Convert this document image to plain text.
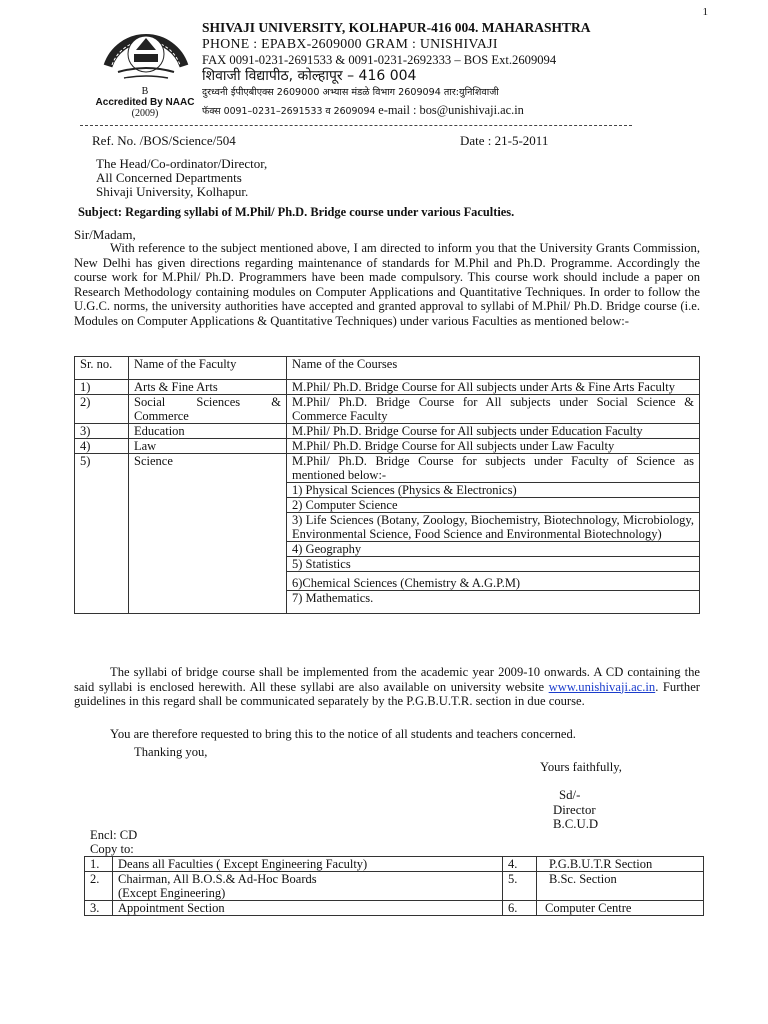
1
B
Accredited By NAAC
(2009)
SHIVAJI UNIVERSITY, KOLHAPUR-416 004. MAHARASHTRA
PHONE : EPABX-2609000 GRAM : UNISHIVAJI
FAX 0091-0231-2691533 & 0091-0231-2692333 – BOS Ext.2609094
शिवाजी विद्यापीठ, कोल्हापूर – 416 004
दुरध्वनी ईपीएबीएक्स 2609000 अभ्यास मंडळे विभाग 2609094 तार:युनिशिवाजी
फॅक्स 0091–0231–2691533 व 2609094 e-mail : bos@unishivaji.ac.in
Ref. No. /BOS/Science/504	Date : 21-5-2011
The Head/Co-ordinator/Director,
All Concerned Departments
Shivaji University, Kolhapur.
Subject: Regarding syllabi of M.Phil/ Ph.D. Bridge course under various Faculties.
Sir/Madam,
With reference to the subject mentioned above, I am directed to inform you that the University Grants Commission, New Delhi has given directions regarding maintenance of standards for M.Phil and Ph.D. Programme. Accordingly the course work for M.Phil/ Ph.D. Programmers have been made compulsory. This course work should include a paper on Research Methodology containing modules on Computer Applications and Quantitative Techniques. In order to follow the U.G.C. norms, the university authorities have accepted and granted approval to syllabi of M.Phil/ Ph.D. Bridge course (i.e. Modules on Computer Applications & Quantitative Techniques) under various Faculties as mentioned below:-
Sr. no.	Name of the Faculty	Name of the Courses
1)	Arts & Fine Arts	M.Phil/ Ph.D. Bridge Course for All subjects under Arts & Fine Arts Faculty
2)	Social Sciences & Commerce	M.Phil/ Ph.D. Bridge Course for All subjects under Social Science & Commerce Faculty
3)	Education	M.Phil/ Ph.D. Bridge Course for All subjects under Education Faculty
4)	Law	M.Phil/ Ph.D. Bridge Course for All subjects under Law Faculty
5)	Science	M.Phil/ Ph.D. Bridge Course for subjects under Faculty of Science as mentioned below:-
		1) Physical Sciences (Physics & Electronics)
		2) Computer Science
		3) Life Sciences (Botany, Zoology, Biochemistry, Biotechnology, Microbiology, Environmental Science, Food Science and Environmental Biotechnology)
		4) Geography
		5) Statistics
		6)Chemical Sciences (Chemistry & A.G.P.M)
		7) Mathematics.
The syllabi of bridge course shall be implemented from the academic year 2009-10 onwards. A CD containing the said syllabi is enclosed herewith. All these syllabi are also available on university website www.unishivaji.ac.in. Further guidelines in this regard shall be communicated separately by the P.G.B.U.T.R. section in due course.
You are therefore requested to bring this to the notice of all students and teachers concerned.
Thanking you,
Yours faithfully,
Sd/-
Director
B.C.U.D
Encl: CD
Copy to:
1.	Deans all Faculties ( Except Engineering Faculty)	4.	P.G.B.U.T.R Section
2.	Chairman, All B.O.S.& Ad-Hoc Boards
(Except Engineering)	5.	B.Sc. Section
3.	Appointment Section	6.	Computer Centre
